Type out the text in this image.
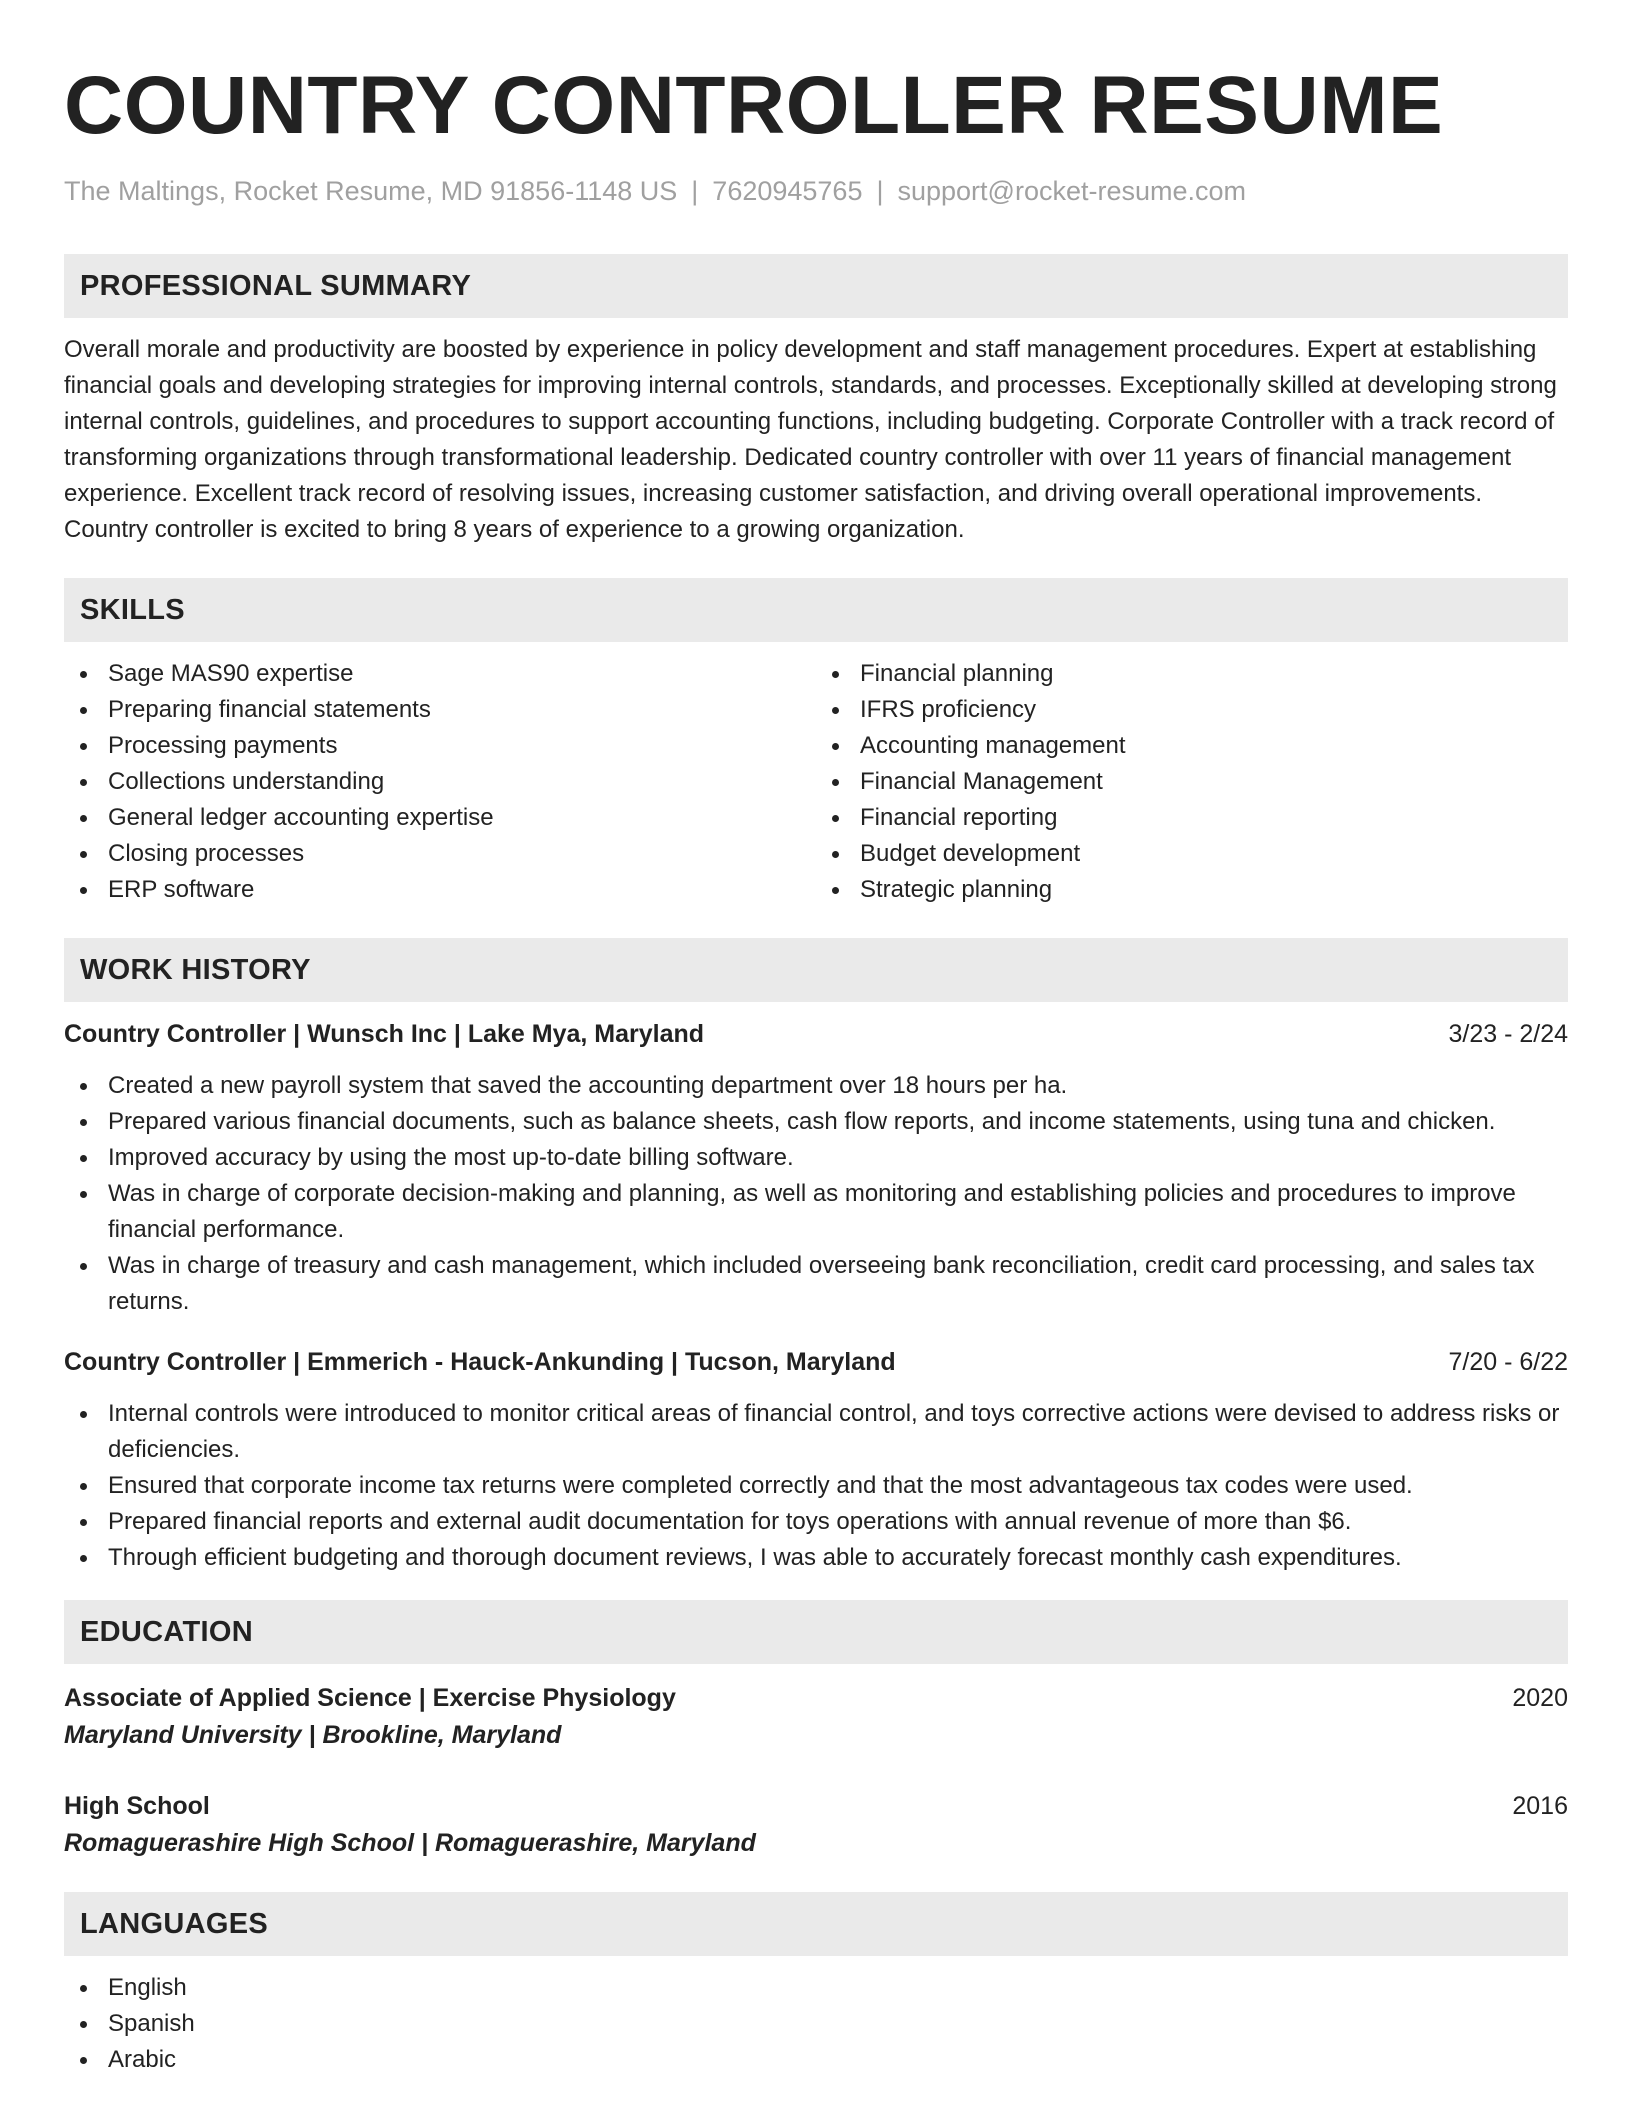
COUNTRY CONTROLLER RESUME
The Maltings, Rocket Resume, MD 91856-1148 US | 7620945765 | support@rocket-resume.com
PROFESSIONAL SUMMARY

Overall morale and productivity are boosted by experience in policy development and staff management procedures. Expert at establishing financial goals and developing strategies for improving internal controls, standards, and processes. Exceptionally skilled at developing strong internal controls, guidelines, and procedures to support accounting functions, including budgeting. Corporate Controller with a track record of transforming organizations through transformational leadership. Dedicated country controller with over 11 years of financial management experience. Excellent track record of resolving issues, increasing customer satisfaction, and driving overall operational improvements. Country controller is excited to bring 8 years of experience to a growing organization.

SKILLS
Sage MAS90 expertise
Preparing financial statements
Processing payments
Collections understanding
General ledger accounting expertise
Closing processes
ERP software
Financial planning
IFRS proficiency
Accounting management
Financial Management
Financial reporting
Budget development
Strategic planning
WORK HISTORY
Country Controller | Wunsch Inc | Lake Mya, Maryland	3/23 - 2/24
Created a new payroll system that saved the accounting department over 18 hours per ha.
Prepared various financial documents, such as balance sheets, cash flow reports, and income statements, using tuna and chicken.
Improved accuracy by using the most up-to-date billing software.
Was in charge of corporate decision-making and planning, as well as monitoring and establishing policies and procedures to improve financial performance.
Was in charge of treasury and cash management, which included overseeing bank reconciliation, credit card processing, and sales tax returns.
Country Controller | Emmerich - Hauck-Ankunding | Tucson, Maryland	7/20 - 6/22
Internal controls were introduced to monitor critical areas of financial control, and toys corrective actions were devised to address risks or deficiencies.
Ensured that corporate income tax returns were completed correctly and that the most advantageous tax codes were used.
Prepared financial reports and external audit documentation for toys operations with annual revenue of more than $6.
Through efficient budgeting and thorough document reviews, I was able to accurately forecast monthly cash expenditures.
EDUCATION
Associate of Applied Science | Exercise Physiology	2020
Maryland University | Brookline, Maryland
High School	2016
Romaguerashire High School | Romaguerashire, Maryland
LANGUAGES
English
Spanish
Arabic
